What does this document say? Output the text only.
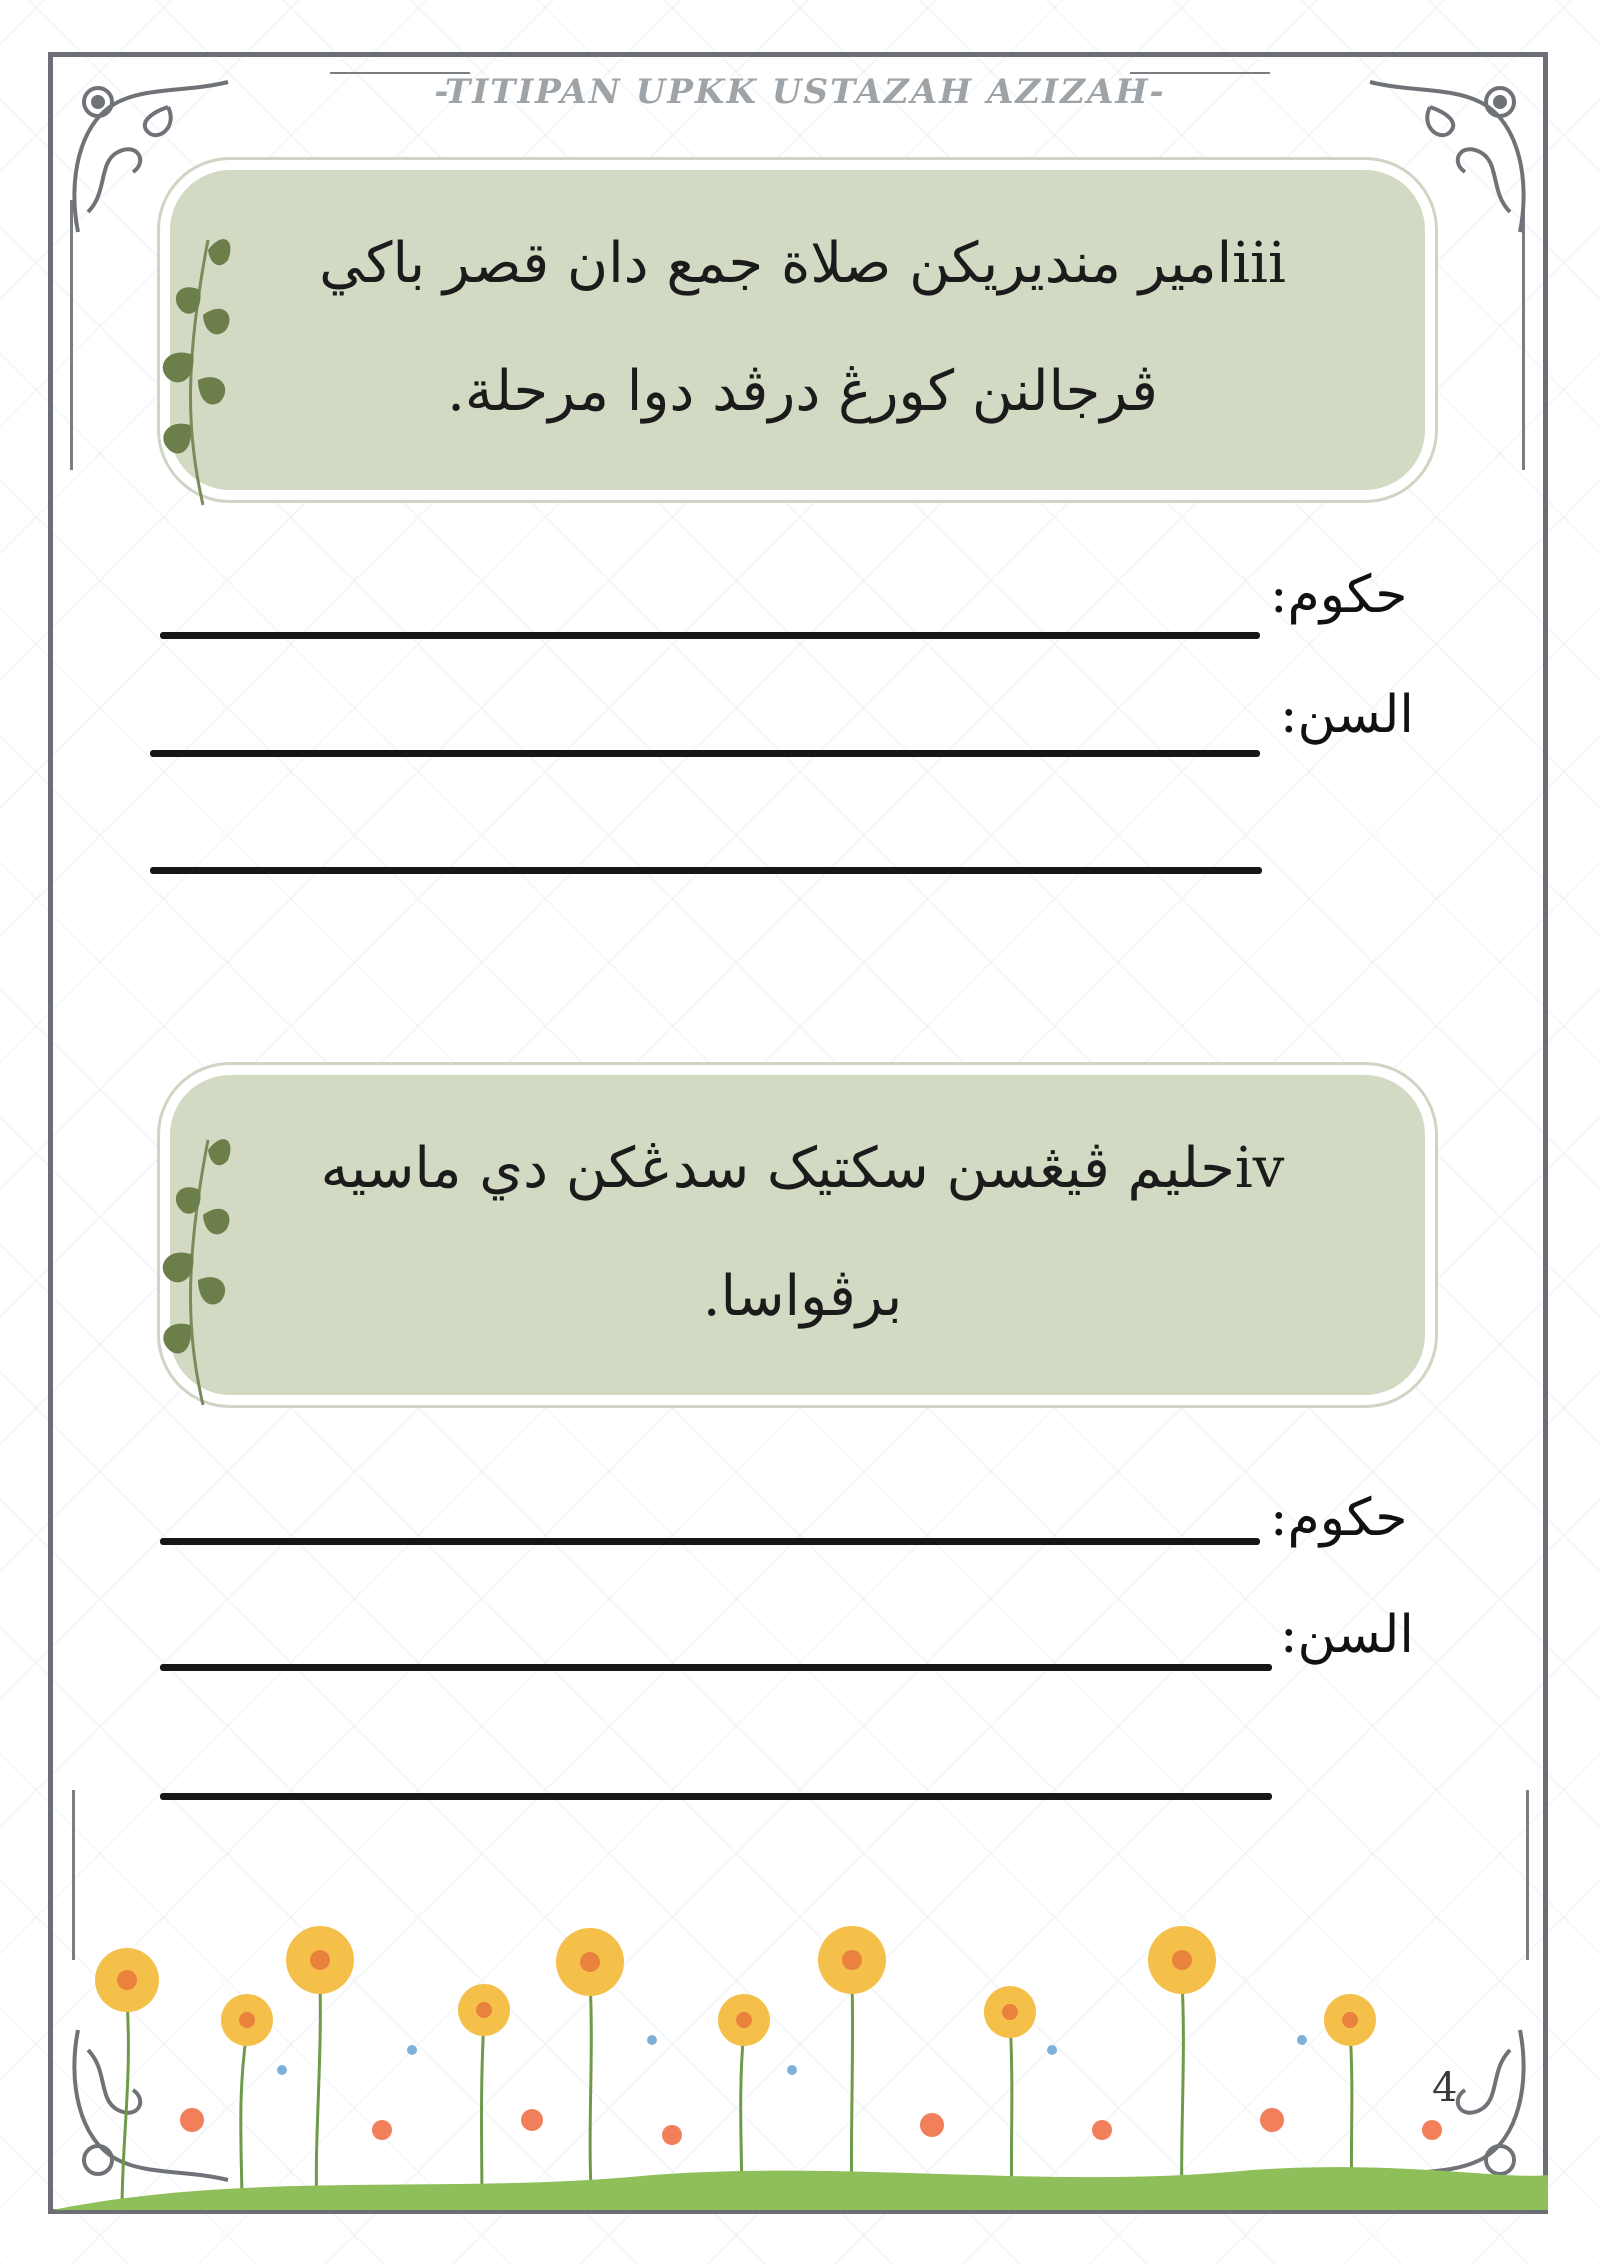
-TITIPAN UPKK USTAZAH AZIZAH-
iiiامير منديريكن صلاة جمع دان قصر باکي
ڤرجالنن كورڠ درڤد دوا مرحلة.
حکوم:
السن:
ivحليم ڤيڠسن سكتيک سدڠكن دي ماسيه
برڤواسا.
حکوم:
السن:
4
